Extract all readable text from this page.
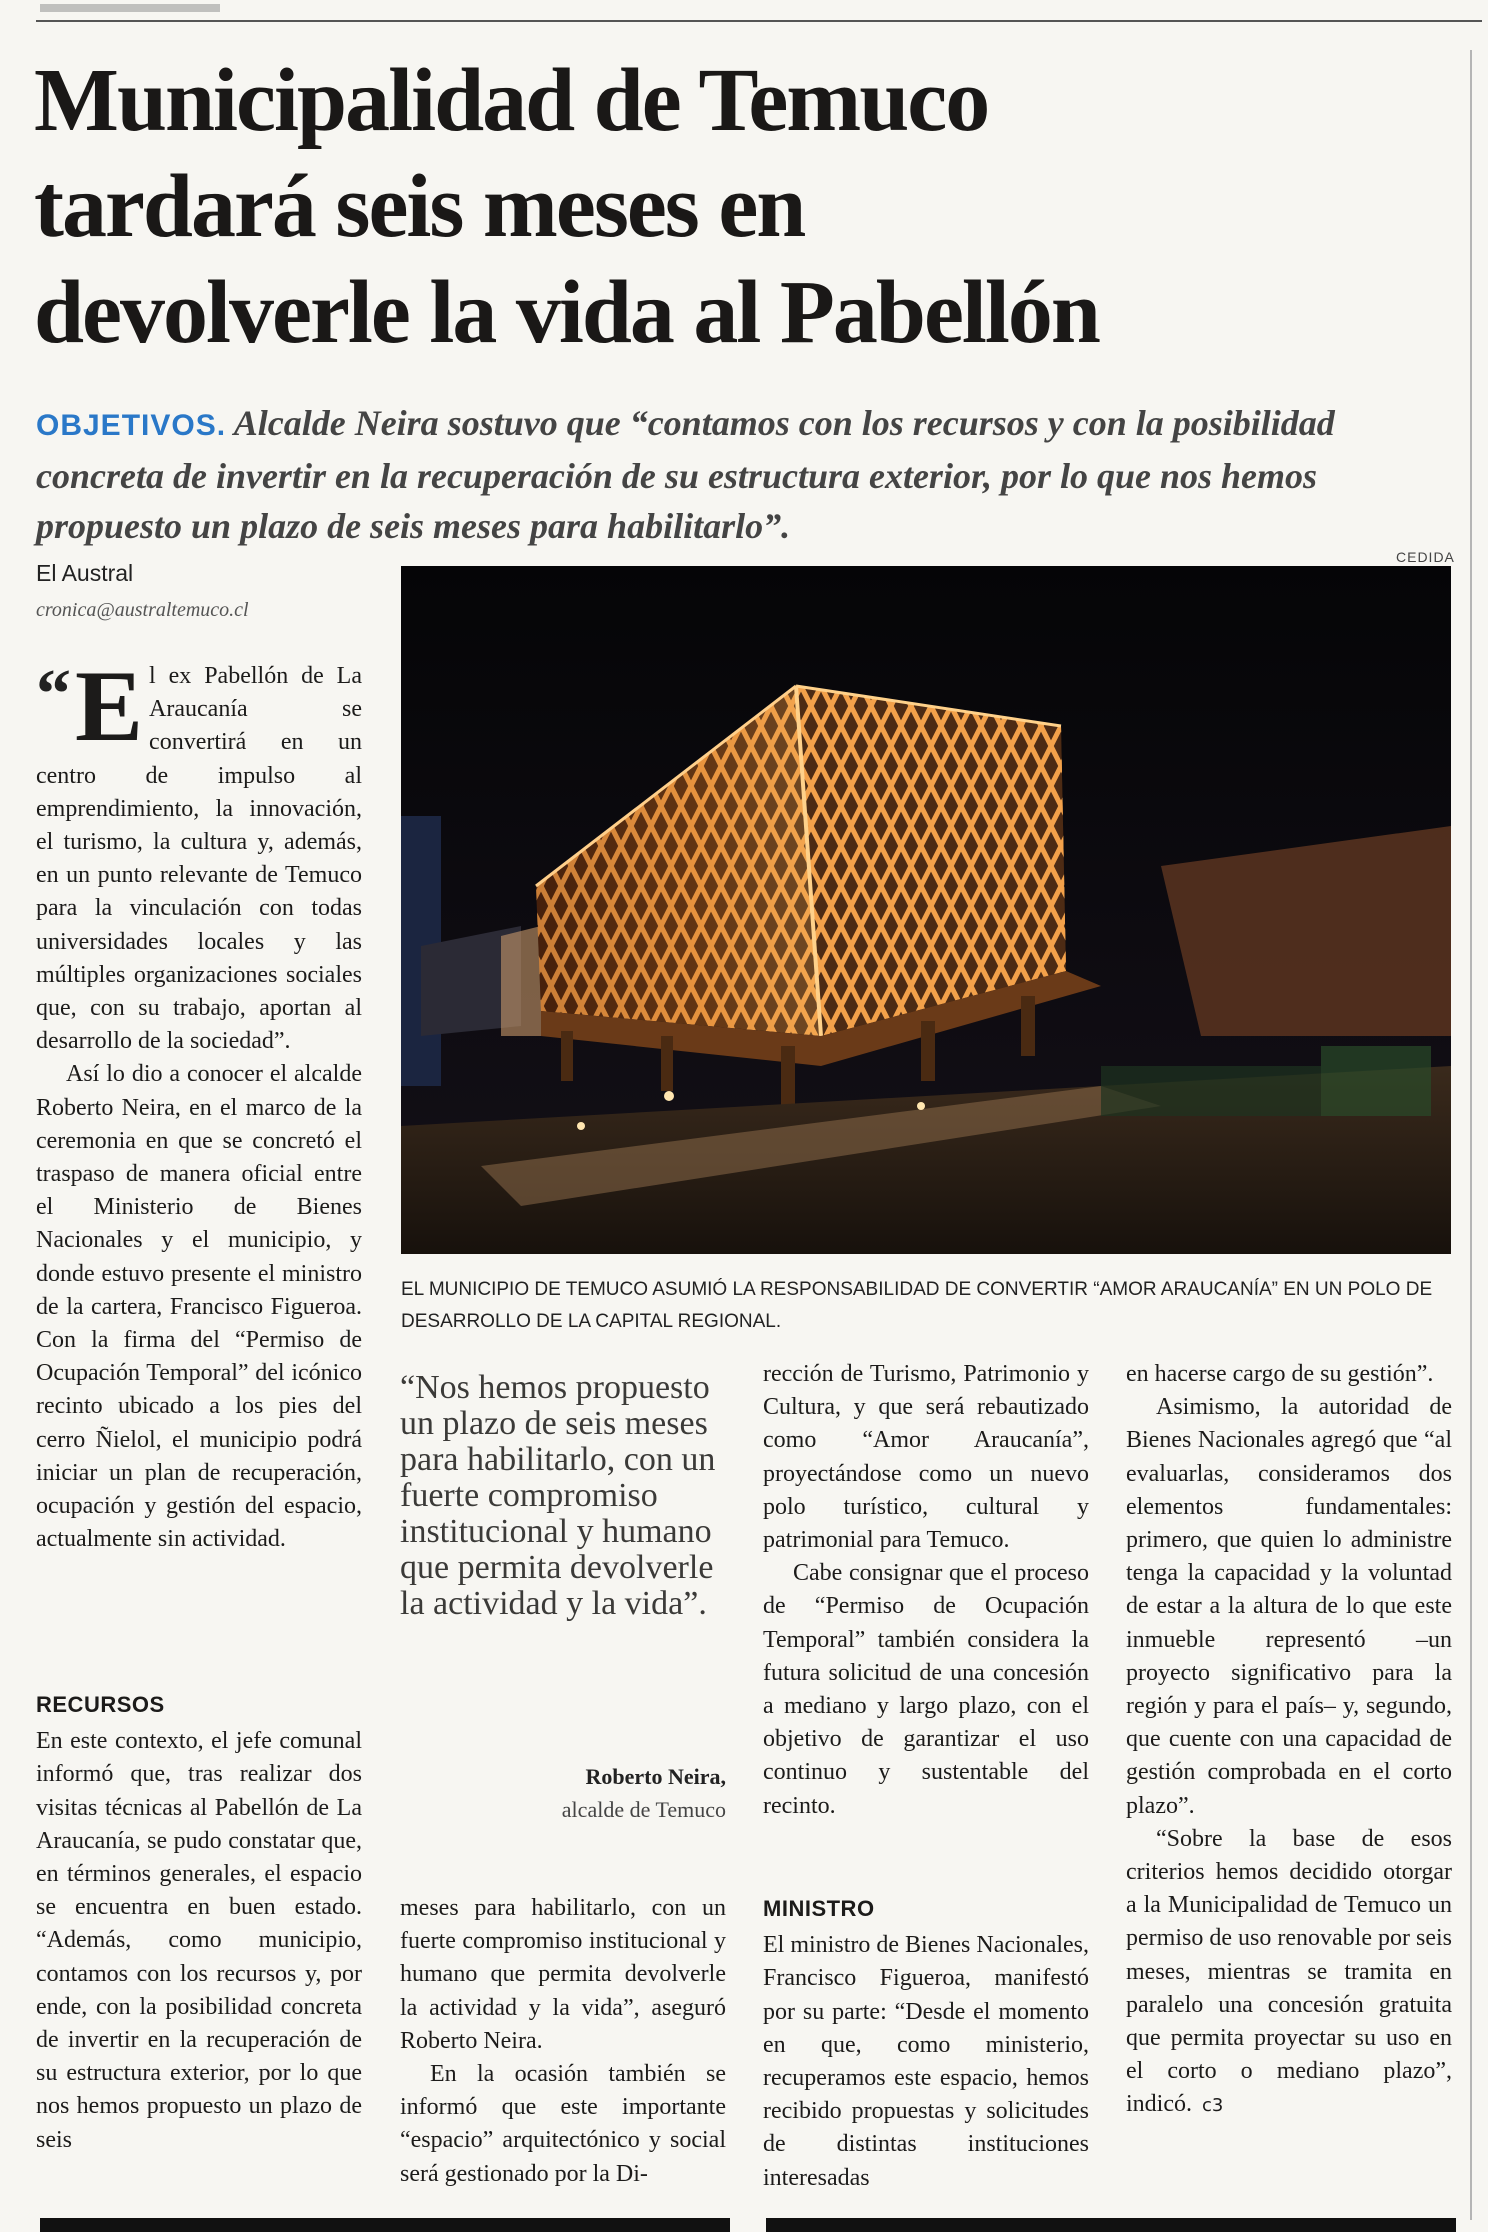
Municipalidad de Temuco
tardará seis meses en
devolverle la vida al Pabellón
OBJETIVOS. Alcalde Neira sostuvo que “contamos con los recursos y con la posibilidad concreta de invertir en la recuperación de su estructura exterior, por lo que nos hemos propuesto un plazo de seis meses para habilitarlo”.
CEDIDA
El Austral
cronica@australtemuco.cl
EL MUNICIPIO DE TEMUCO ASUMIÓ LA RESPONSABILIDAD DE CONVERTIR “AMOR ARAUCANÍA” EN UN POLO DE DESARROLLO DE LA CAPITAL REGIONAL.

“ E l ex Pabellón de La Araucanía se convertirá en un centro de impulso al emprendimiento, la innovación, el turismo, la cultura y, además, en un punto relevante de Temuco para la vinculación con todas universidades locales y las múltiples organizaciones sociales que, con su trabajo, aportan al desarrollo de la sociedad”.

Así lo dio a conocer el alcalde Roberto Neira, en el marco de la ceremonia en que se concretó el traspaso de manera oficial entre el Ministerio de Bienes Nacionales y el municipio, y donde estuvo presente el ministro de la cartera, Francisco Figueroa. Con la firma del “Permiso de Ocupación Temporal” del icónico recinto ubicado a los pies del cerro Ñielol, el municipio podrá iniciar un plan de recuperación, ocupación y gestión del espacio, actualmente sin actividad.

RECURSOS

En este contexto, el jefe comunal informó que, tras realizar dos visitas técnicas al Pabellón de La Araucanía, se pudo constatar que, en términos generales, el espacio se encuentra en buen estado. “Además, como municipio, contamos con los recursos y, por ende, con la posibilidad concreta de invertir en la recuperación de su estructura exterior, por lo que nos hemos propuesto un plazo de seis

“Nos hemos propuesto un plazo de seis meses para habilitarlo, con un fuerte compromiso institucional y humano que permita devolverle la actividad y la vida”.
Roberto Neira,
alcalde de Temuco

meses para habilitarlo, con un fuerte compromiso institucional y humano que permita devolverle la actividad y la vida”, aseguró Roberto Neira.

En la ocasión también se informó que este importante “espacio” arquitectónico y social será gestionado por la Di-

rección de Turismo, Patrimonio y Cultura, y que será rebautizado como “Amor Araucanía”, proyectándose como un nuevo polo turístico, cultural y patrimonial para Temuco.

Cabe consignar que el proceso de “Permiso de Ocupación Temporal” también considera la futura solicitud de una concesión a mediano y largo plazo, con el objetivo de garantizar el uso continuo y sustentable del recinto.

MINISTRO

El ministro de Bienes Nacionales, Francisco Figueroa, manifestó por su parte: “Desde el momento en que, como ministerio, recuperamos este espacio, hemos recibido propuestas y solicitudes de distintas instituciones interesadas

en hacerse cargo de su gestión”.

Asimismo, la autoridad de Bienes Nacionales agregó que “al evaluarlas, consideramos dos elementos fundamentales: primero, que quien lo administre tenga la capacidad y la voluntad de estar a la altura de lo que este inmueble representó –un proyecto significativo para la región y para el país– y, segundo, que cuente con una capacidad de gestión comprobada en el corto plazo”.

“Sobre la base de esos criterios hemos decidido otorgar a la Municipalidad de Temuco un permiso de uso renovable por seis meses, mientras se tramita en paralelo una concesión gratuita que permita proyectar su uso en el corto o mediano plazo”, indicó. ᴄ3
